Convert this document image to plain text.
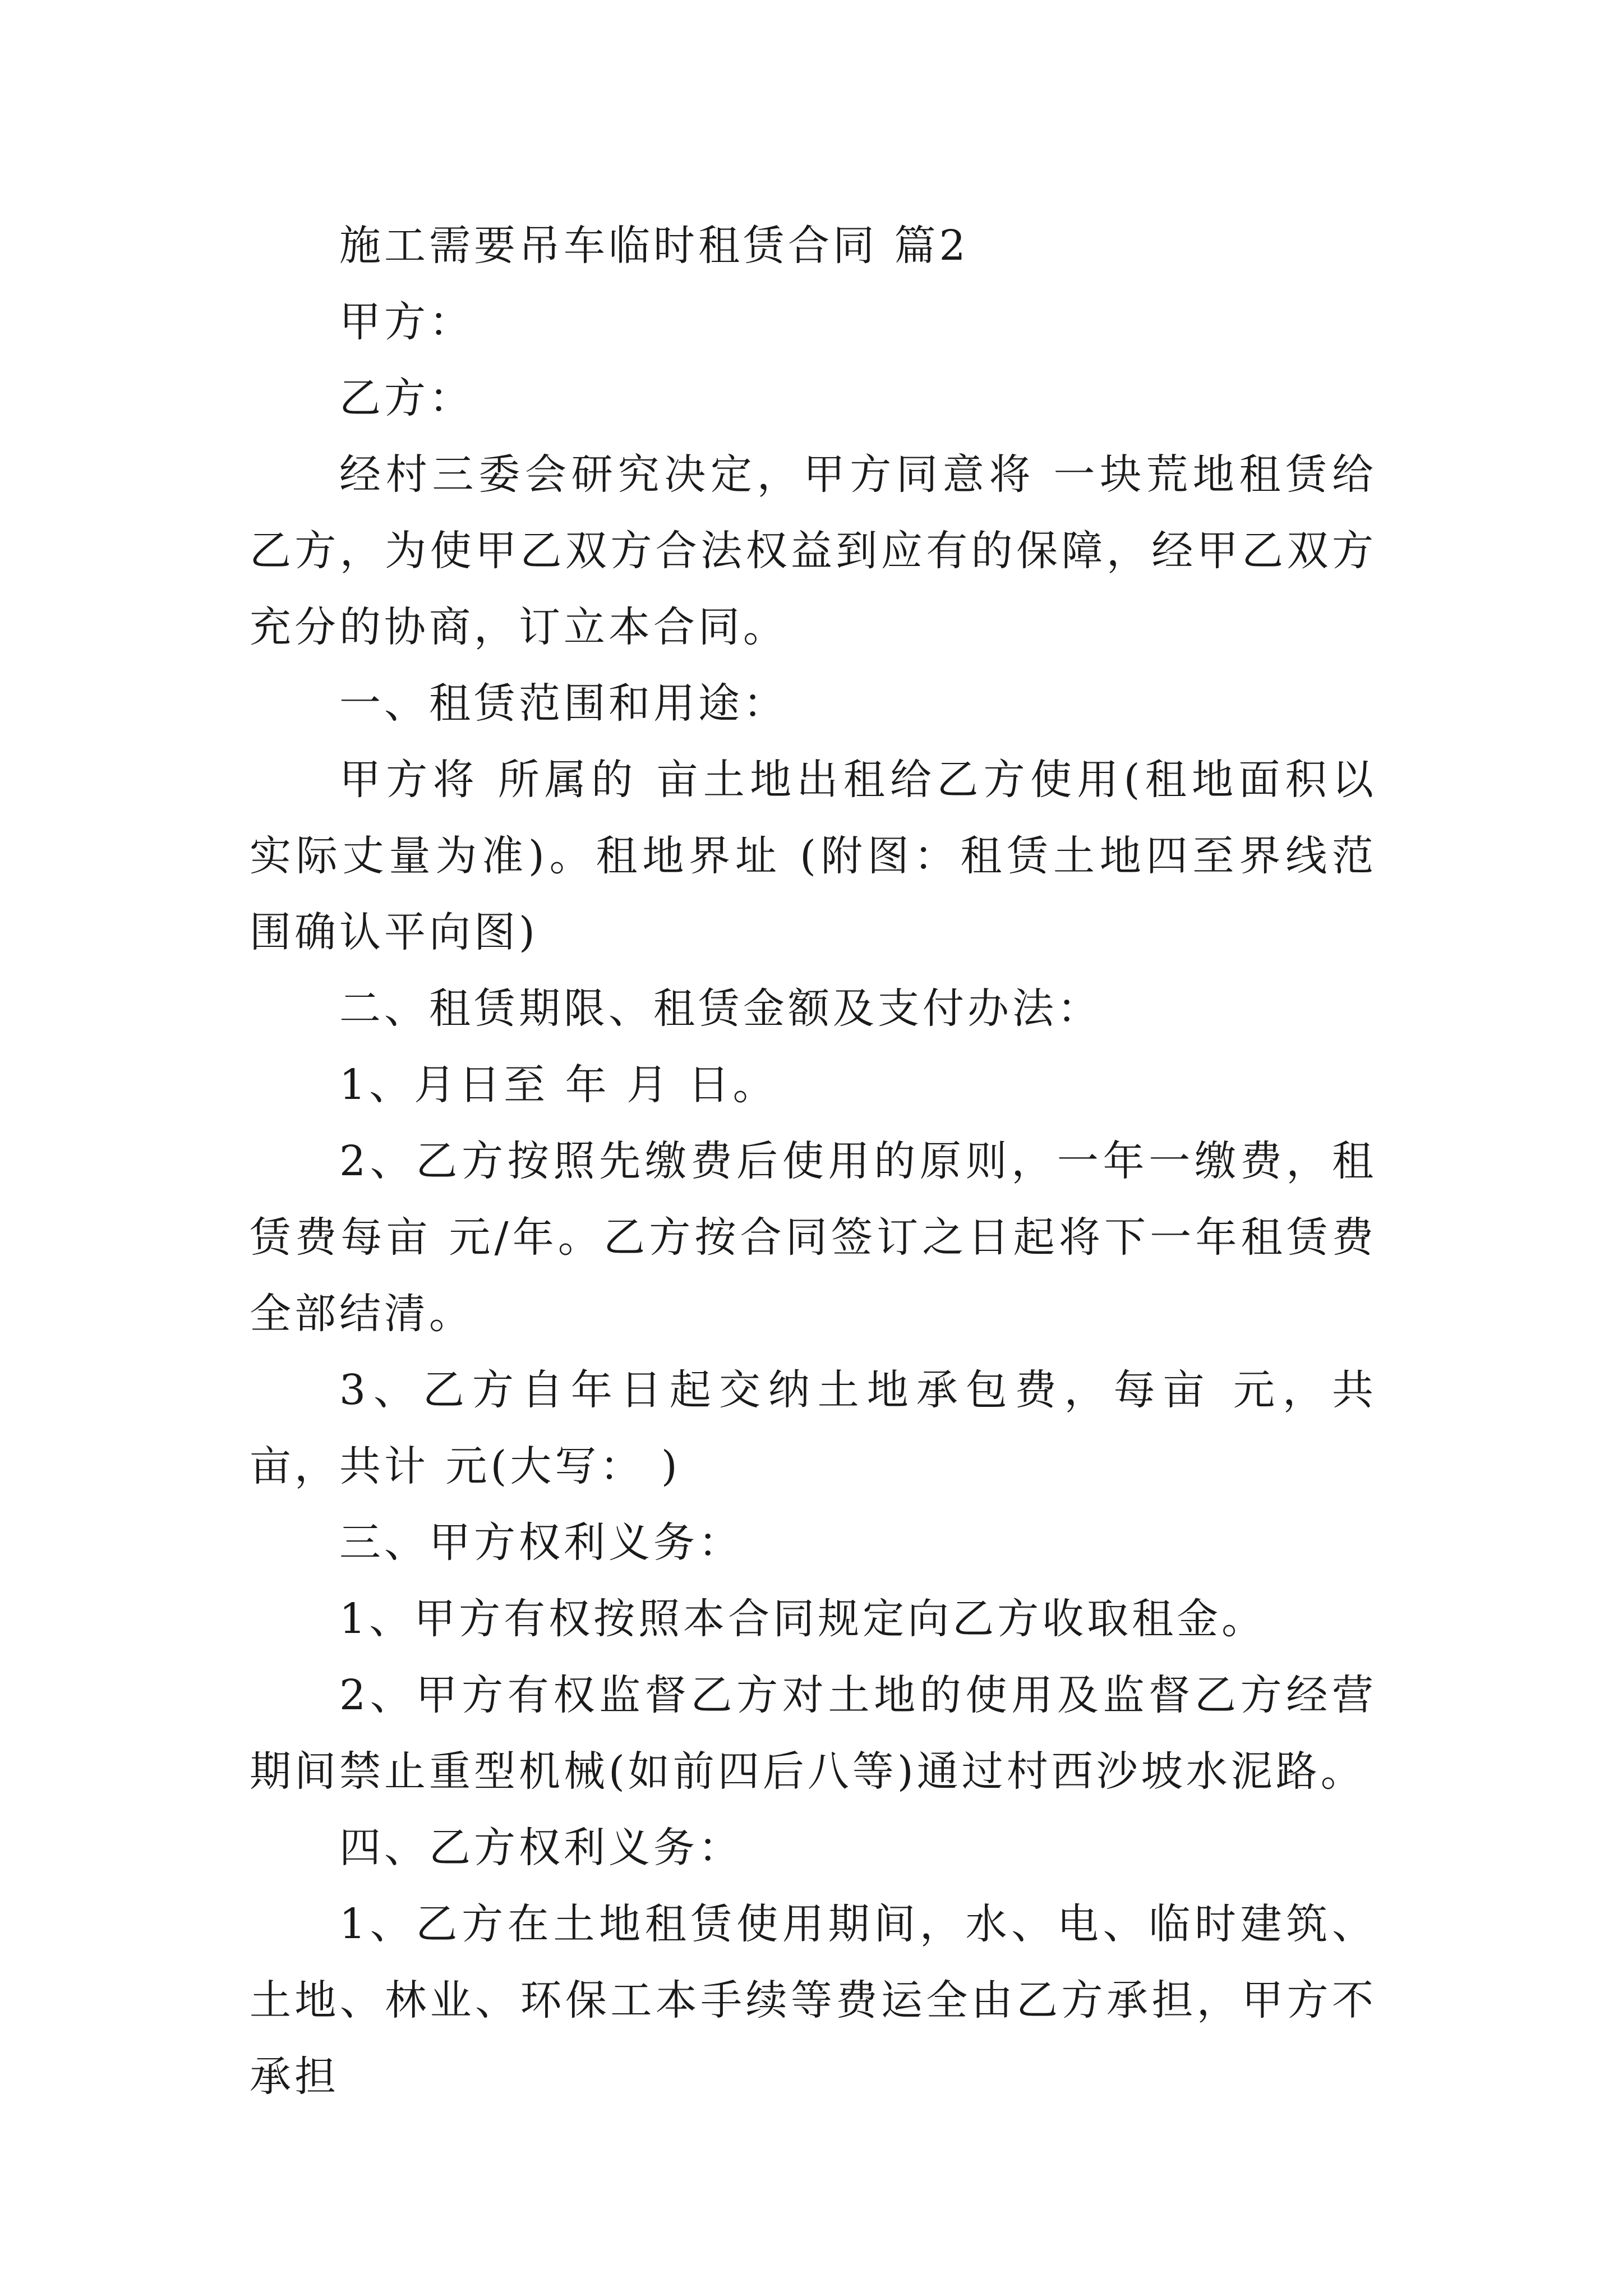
施工需要吊车临时租赁合同 篇2

甲方：

乙方：

经村三委会研究决定，甲方同意将 一块荒地租赁给乙方，为使甲乙双方合法权益到应有的保障，经甲乙双方充分的协商，订立本合同。

一、租赁范围和用途：

甲方将 所属的 亩土地出租给乙方使用(租地面积以实际丈量为准)。租地界址 (附图：租赁土地四至界线范围确认平向图)

二、租赁期限、租赁金额及支付办法：

1、月日至 年 月 日。

2、乙方按照先缴费后使用的原则，一年一缴费，租赁费每亩 元/年。乙方按合同签订之日起将下一年租赁费全部结清。

3、乙方自年日起交纳土地承包费，每亩 元，共 亩，共计 元(大写： )

三、甲方权利义务：

1、甲方有权按照本合同规定向乙方收取租金。

2、甲方有权监督乙方对土地的使用及监督乙方经营期间禁止重型机械(如前四后八等)通过村西沙坡水泥路。

四、乙方权利义务：

1、乙方在土地租赁使用期间，水、电、临时建筑、土地、林业、环保工本手续等费运全由乙方承担，甲方不承担
